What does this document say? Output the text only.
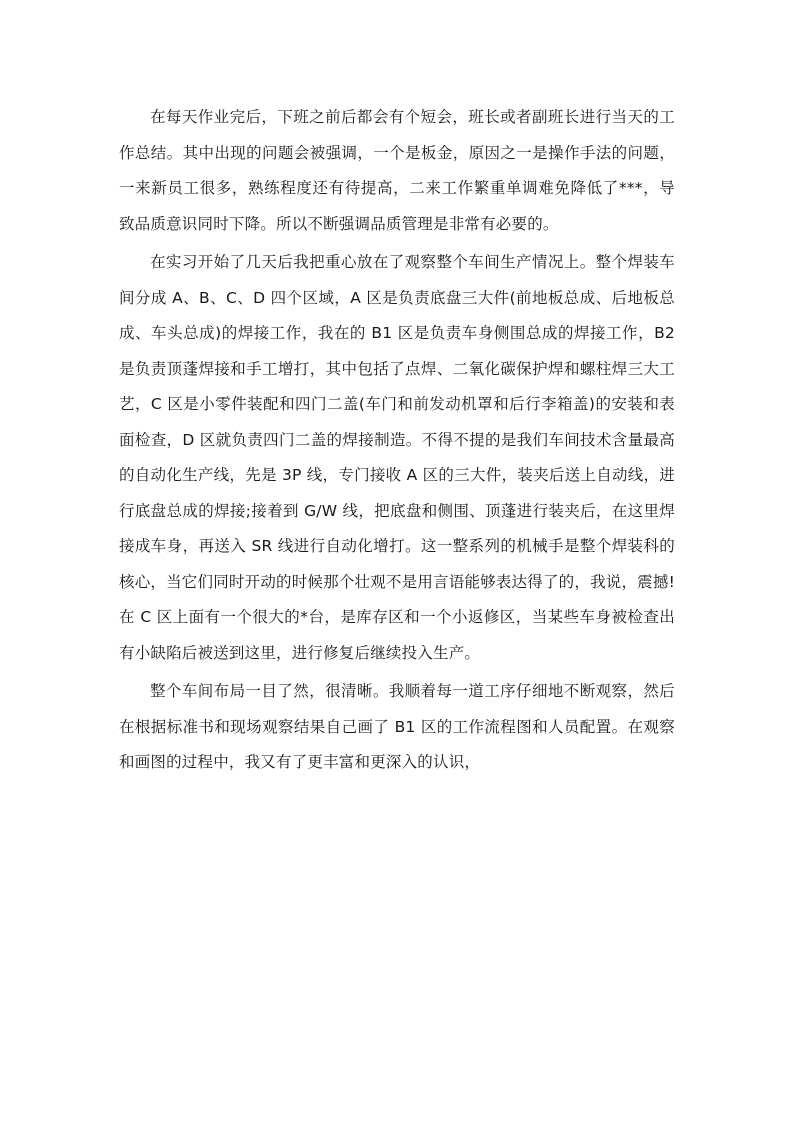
在每天作业完后，下班之前后都会有个短会，班长或者副班长进行当天的工作总结。其中出现的问题会被强调，一个是板金，原因之一是操作手法的问题，一来新员工很多，熟练程度还有待提高，二来工作繁重单调难免降低了***，导致品质意识同时下降。所以不断强调品质管理是非常有必要的。

在实习开始了几天后我把重心放在了观察整个车间生产情况上。整个焊装车间分成 A、B、C、D 四个区域，A 区是负责底盘三大件(前地板总成、后地板总成、车头总成)的焊接工作，我在的 B1 区是负责车身侧围总成的焊接工作，B2 是负责顶蓬焊接和手工增打，其中包括了点焊、二氧化碳保护焊和螺柱焊三大工艺，C 区是小零件装配和四门二盖(车门和前发动机罩和后行李箱盖)的安装和表面检查，D 区就负责四门二盖的焊接制造。不得不提的是我们车间技术含量最高的自动化生产线，先是 3P 线，专门接收 A 区的三大件，装夹后送上自动线，进行底盘总成的焊接;接着到 G/W 线，把底盘和侧围、顶蓬进行装夹后，在这里焊接成车身，再送入 SR 线进行自动化增打。这一整系列的机械手是整个焊装科的核心，当它们同时开动的时候那个壮观不是用言语能够表达得了的，我说，震撼!在 C 区上面有一个很大的*台，是库存区和一个小返修区，当某些车身被检查出有小缺陷后被送到这里，进行修复后继续投入生产。

整个车间布局一目了然，很清晰。我顺着每一道工序仔细地不断观察，然后在根据标准书和现场观察结果自己画了 B1 区的工作流程图和人员配置。在观察和画图的过程中，我又有了更丰富和更深入的认识，
